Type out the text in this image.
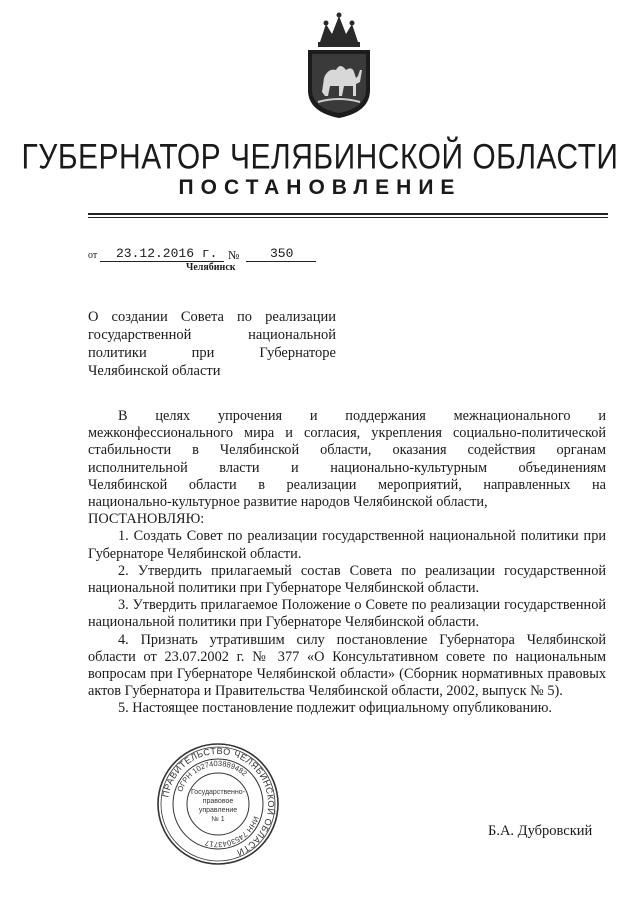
ГУБЕРНАТОР ЧЕЛЯБИНСКОЙ ОБЛАСТИ
ПОСТАНОВЛЕНИЕ
от 23.12.2016 г. № 350
Челябинск
О создании Совета по реализации
государственной национальной
политики при Губернаторе
Челябинской области
В целях упрочения и поддержания межнационального и
межконфессионального мира и согласия, укрепления социально-политической
стабильности в Челябинской области, оказания содействия органам
исполнительной власти и национально-культурным объединениям
Челябинской области в реализации мероприятий, направленных на
национально-культурное развитие народов Челябинской области,

ПОСТАНОВЛЯЮ:

1. Создать Совет по реализации государственной национальной политики при Губернаторе Челябинской области.

2. Утвердить прилагаемый состав Совета по реализации государственной национальной политики при Губернаторе Челябинской области.

3. Утвердить прилагаемое Положение о Совете по реализации государственной национальной политики при Губернаторе Челябинской области.

4. Признать утратившим силу постановление Губернатора Челябинской области от 23.07.2002 г. № 377 «О Консультативном совете по национальным вопросам при Губернаторе Челябинской области» (Сборник нормативных правовых актов Губернатора и Правительства Челябинской области, 2002, выпуск № 5).

5. Настоящее постановление подлежит официальному опубликованию.

ПРАВИТЕЛЬСТВО ЧЕЛЯБИНСКОЙ ОБЛАСТИ
ОГРН 1027403889482
ИНН 7453043717
Государственно-
правовое
управление
№ 1
Б.А. Дубровский
